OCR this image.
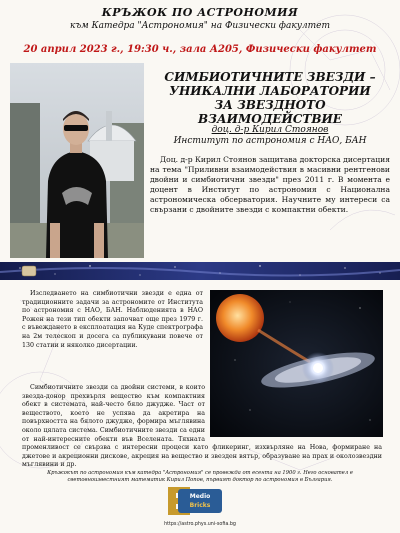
КРЪЖОК ПО АСТРОНОМИЯ
към Катедра "Астрономия" на Физически факултет
20 април 2023 г., 19:30 ч., зала А205, Физически факултет
СИМБИОТИЧНИТЕ ЗВЕЗДИ –
УНИКАЛНИ ЛАБОРАТОРИИ
ЗА ЗВЕЗДНОТО ВЗАИМОДЕЙСТВИЕ
доц. д-р Кирил Стоянов
Институт по астрономия с НАО, БАН

Доц. д-р Кирил Стоянов защитава докторска дисертация на тема "Приливни взаимодействия в масивни рентгенови двойни и симбиотични звезди" през 2011 г. В момента е доцент в Институт по астрономия с Национална астрономическа обсерватория. Научните му интереси са свързани с двойните звезди с компактни обекти.

Изследването на симбиотични звезди е една от традиционните задачи за астрономите от Института по астрономия с НАО, БАН. Наблюденията в НАО Рожен на тези тип обекти започват още през 1979 г. с въвеждането в експлоатация на Куде спектрографа на 2м телескоп и досега са публикувани повече от 130 статии и няколко дисертации.

Симбиотичните звезди са двойни системи, в които звезда-донор прехвърля вещество към компактния обект в системата, най-често бяло джудже. Част от веществото, което не успява да акретира на повърхността на бялото джудже, формира мъглявина около цялата система. Симбиотичните звезди са едни от най-интересните обекти във Вселената. Тяхната променливост се свързва с интересни процеси като фликеринг, изхвърляне на Нова, формиране на джетове и акреционни дискове, акреция на вещество и звезден вятър, образуване на прах и околозвездни мъглявини и др.

Кръжокът по астрономия към катедра "Астрономия" се провежда от есента на 1900 г. Него основател е световноизвестният математик Кирил Попов, първият доктор по астрономия в България.

Medio
Bricks
https://astro.phys.uni-sofia.bg
